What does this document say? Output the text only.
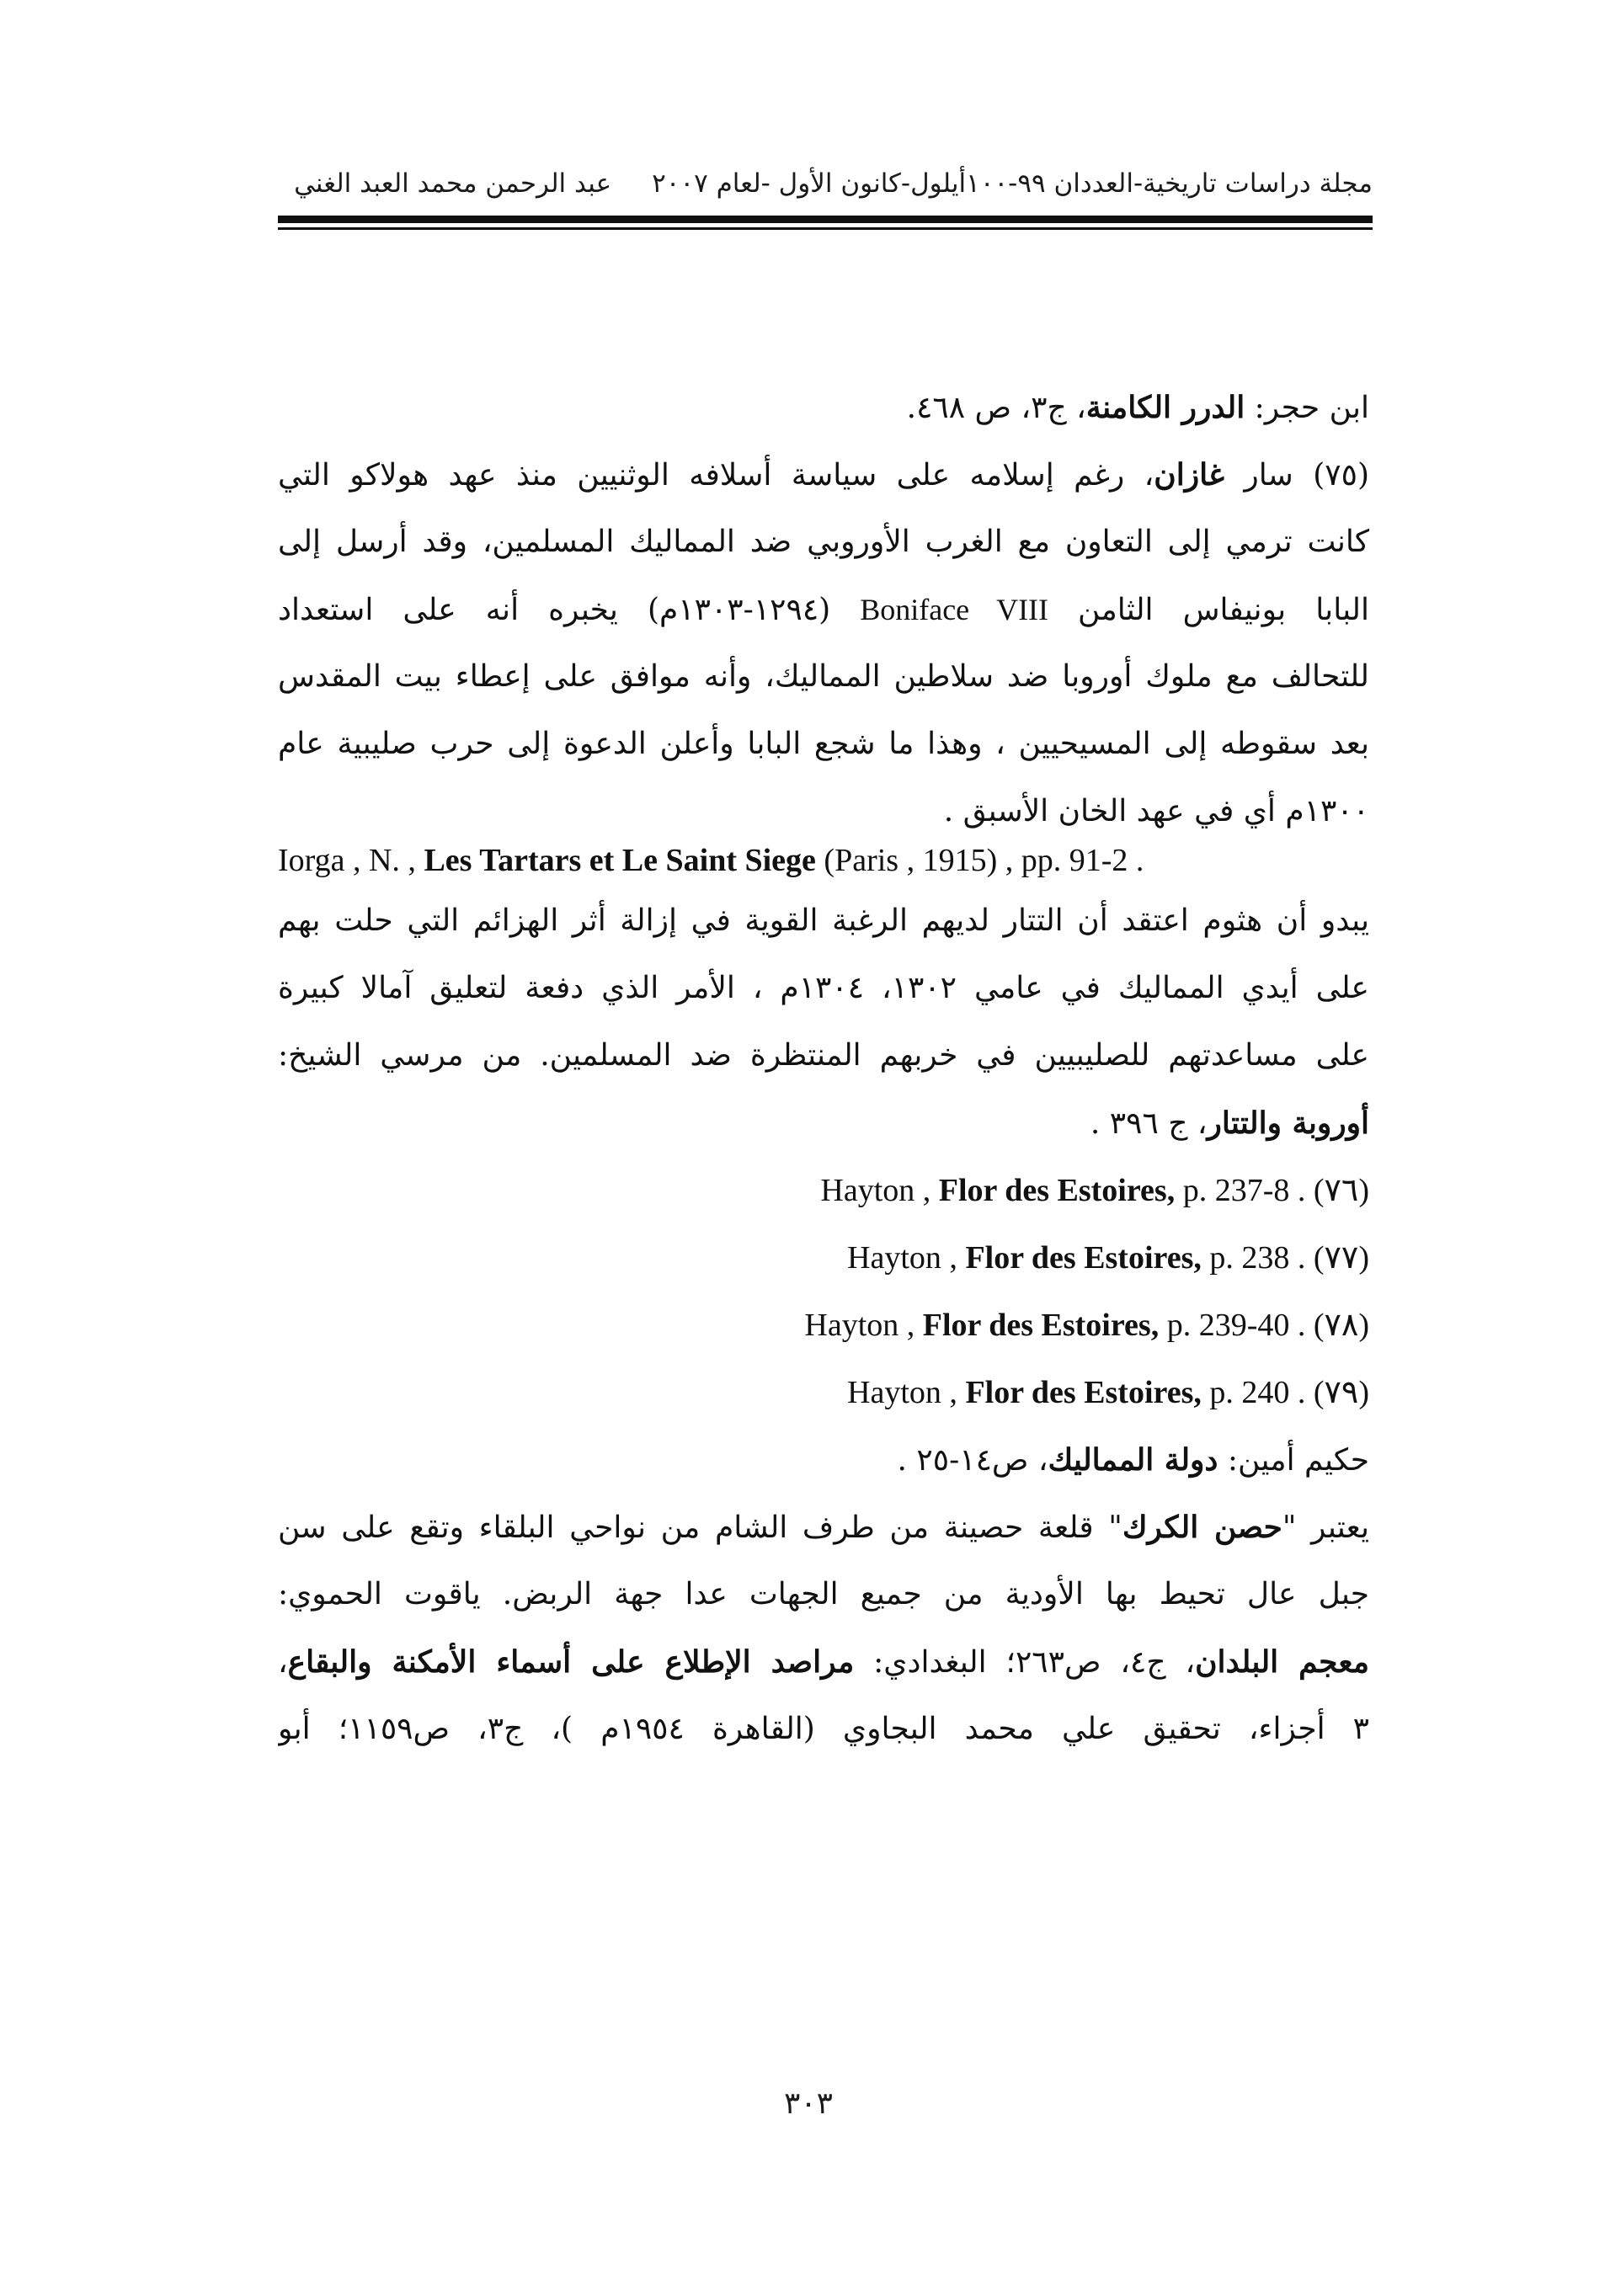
مجلة دراسات تاريخية-العددان ٩٩-١٠٠أيلول-كانون الأول -لعام ٢٠٠٧
عبد الرحمن محمد العبد الغني
ابن حجر: الدرر الكامنة، ج٣، ص ٤٦٨.
(٧٥) سار غازان، رغم إسلامه على سياسة أسلافه الوثنيين منذ عهد هولاكو التي
كانت ترمي إلى التعاون مع الغرب الأوروبي ضد المماليك المسلمين، وقد أرسل إلى
البابا بونيفاس الثامن Boniface VIII (١٢٩٤-١٣٠٣م) يخبره أنه على استعداد
للتحالف مع ملوك أوروبا ضد سلاطين المماليك، وأنه موافق على إعطاء بيت المقدس
بعد سقوطه إلى المسيحيين ، وهذا ما شجع البابا وأعلن الدعوة إلى حرب صليبية عام
١٣٠٠م أي في عهد الخان الأسبق .
Iorga , N. , Les Tartars et Le Saint Siege (Paris , 1915) , pp. 91-2 .
يبدو أن هثوم اعتقد أن التتار لديهم الرغبة القوية في إزالة أثر الهزائم التي حلت بهم
على أيدي المماليك في عامي ١٣٠٢، ١٣٠٤م ، الأمر الذي دفعة لتعليق آمالا كبيرة
على مساعدتهم للصليبيين في خربهم المنتظرة ضد المسلمين. من مرسي الشيخ:
أوروبة والتتار، ج ٣٩٦ .
Hayton , Flor des Estoires, p. 237-8 . (٧٦)
Hayton , Flor des Estoires, p. 238 . (٧٧)
Hayton , Flor des Estoires, p. 239-40 . (٧٨)
Hayton , Flor des Estoires, p. 240 . (٧٩)
حكيم أمين: دولة المماليك، ص١٤-٢٥ .
يعتبر "حصن الكرك" قلعة حصينة من طرف الشام من نواحي البلقاء وتقع على سن
جبل عال تحيط بها الأودية من جميع الجهات عدا جهة الربض. ياقوت الحموي:
معجم البلدان، ج٤، ص٢٦٣؛ البغدادي: مراصد الإطلاع على أسماء الأمكنة والبقاع،
٣ أجزاء، تحقيق علي محمد البجاوي (القاهرة ١٩٥٤م )، ج٣، ص١١٥٩؛ أبو
٣٠٣
